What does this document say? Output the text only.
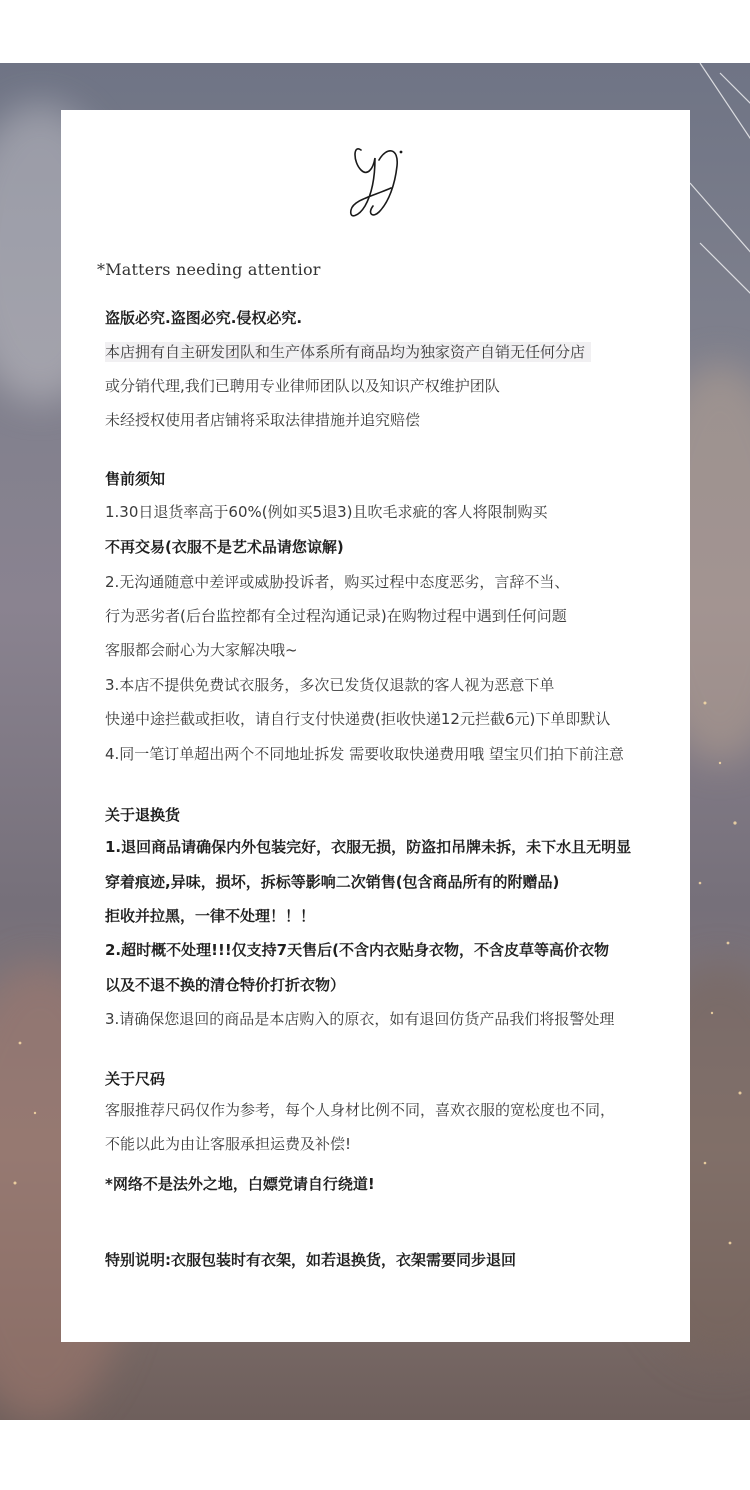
*Matters needing attentior
盗版必究.盗图必究.侵权必究.
本店拥有自主研发团队和生产体系所有商品均为独家资产自销无任何分店
或分销代理,我们已聘用专业律师团队以及知识产权维护团队
未经授权使用者店铺将采取法律措施并追究赔偿
售前须知
1.30日退货率高于60%(例如买5退3)且吹毛求疵的客人将限制购买
不再交易(衣服不是艺术品请您谅解)
2.无沟通随意中差评或威胁投诉者，购买过程中态度恶劣，言辞不当、
行为恶劣者(后台监控都有全过程沟通记录)在购物过程中遇到任何问题
客服都会耐心为大家解决哦~
3.本店不提供免费试衣服务，多次已发货仅退款的客人视为恶意下单
快递中途拦截或拒收，请自行支付快递费(拒收快递12元拦截6元)下单即默认
4.同一笔订单超出两个不同地址拆发 需要收取快递费用哦 望宝贝们拍下前注意
关于退换货
1.退回商品请确保内外包装完好，衣服无损，防盗扣吊牌未拆，未下水且无明显
穿着痕迹,异味，损坏，拆标等影响二次销售(包含商品所有的附赠品)
拒收并拉黑，一律不处理！！！
2.超时概不处理!!!仅支持7天售后(不含内衣贴身衣物，不含皮草等高价衣物
以及不退不换的清仓特价打折衣物）
3.请确保您退回的商品是本店购入的原衣，如有退回仿货产品我们将报警处理
关于尺码
客服推荐尺码仅作为参考，每个人身材比例不同，喜欢衣服的宽松度也不同，
不能以此为由让客服承担运费及补偿!
*网络不是法外之地，白嫖党请自行绕道!
特别说明:衣服包装时有衣架，如若退换货，衣架需要同步退回
